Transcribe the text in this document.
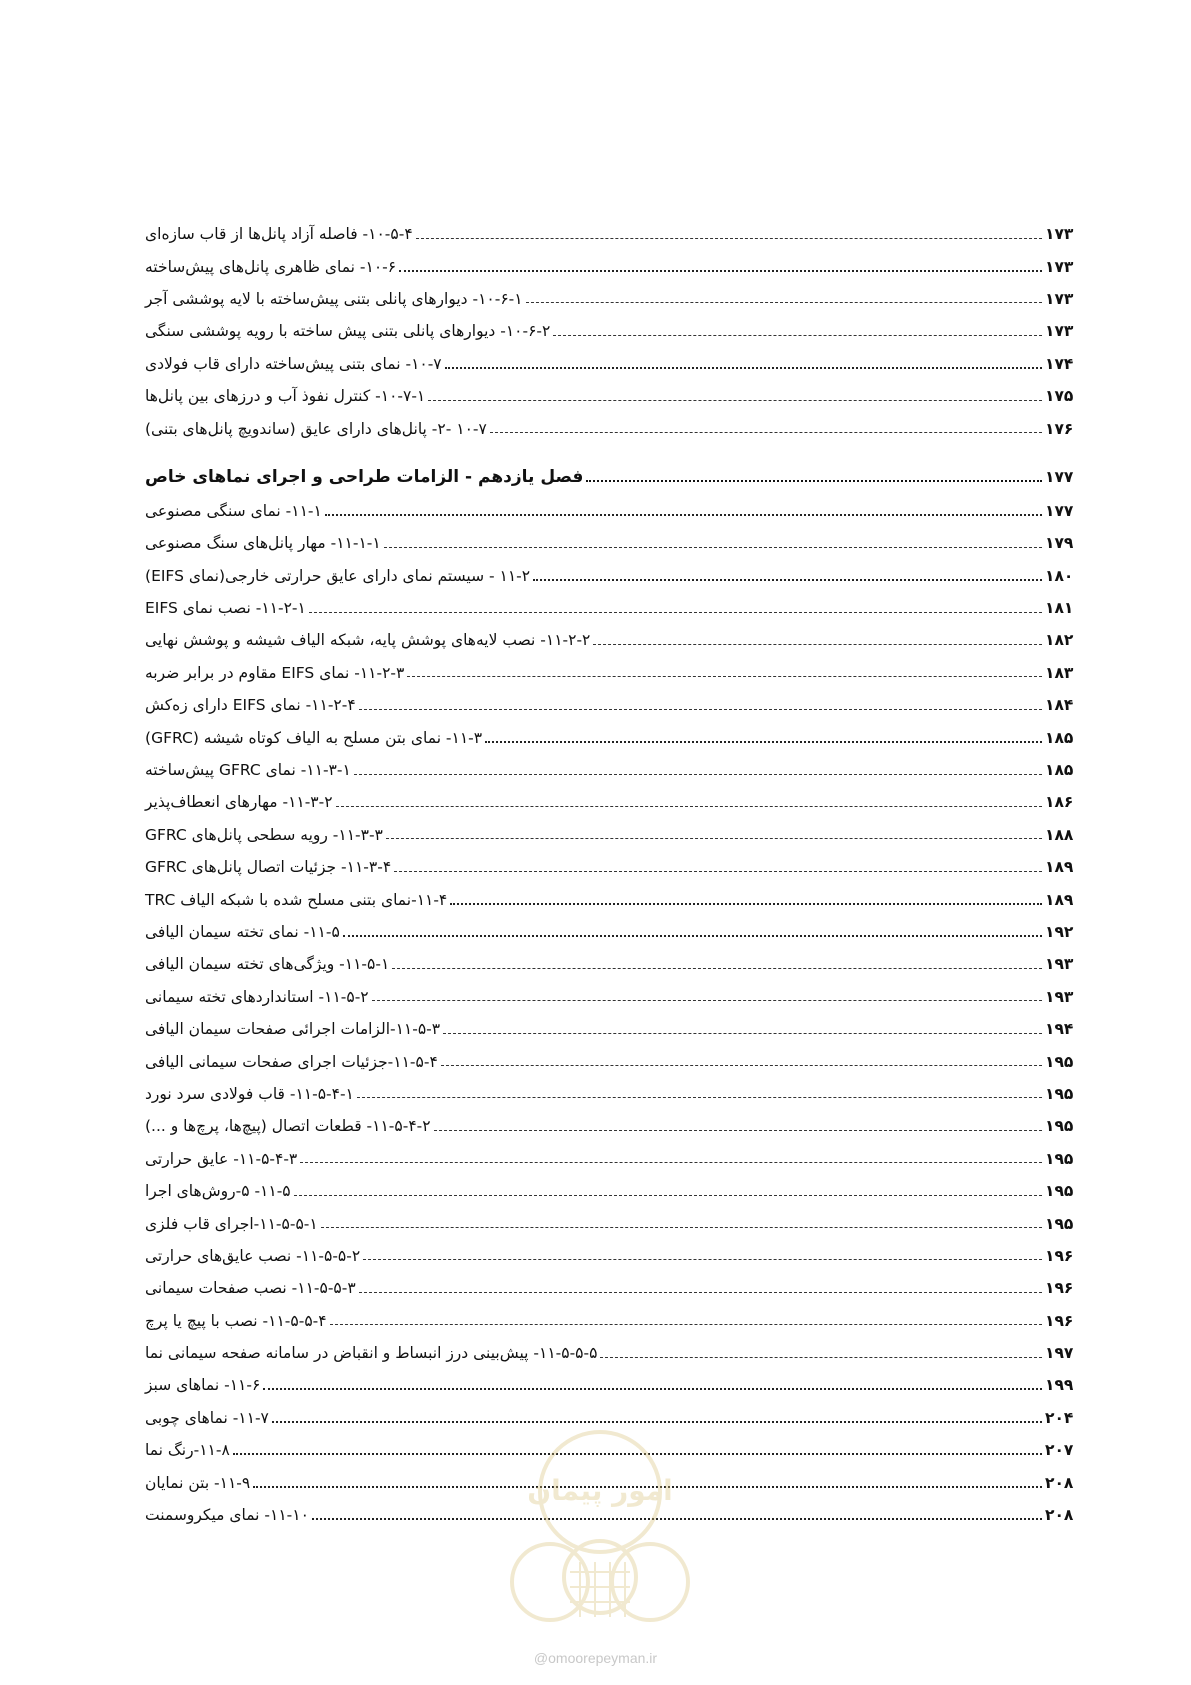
۱۰-۵-۴- فاصله آزاد پانل‌ها از قاب سازه‌ای	۱۷۳
۱۰-۶- نمای ظاهری پانل‌های پیش‌ساخته	۱۷۳
۱۰-۶-۱- دیوارهای پانلی بتنی پیش‌ساخته با لایه پوششی آجر	۱۷۳
۱۰-۶-۲- دیوارهای پانلی بتنی پیش ساخته با رویه پوششی سنگی	۱۷۳
۱۰-۷- نمای بتنی پیش‌ساخته دارای قاب فولادی	۱۷۴
۱۰-۷-۱- کنترل نفوذ آب و درزهای بین پانل‌ها	۱۷۵
۱۰-۷ -۲- پانل‌های دارای عایق (ساندویچ پانل‌های بتنی)	۱۷۶
فصل یازدهم - الزامات طراحی و اجرای نماهای خاص	۱۷۷
۱۱-۱- نمای سنگی مصنوعی	۱۷۷
۱۱-۱-۱- مهار پانل‌های سنگ مصنوعی	۱۷۹
۱۱-۲ - سیستم نمای دارای عایق حرارتی خارجی(نمای EIFS)	۱۸۰
۱۱-۲-۱- نصب نمای EIFS	۱۸۱
۱۱-۲-۲- نصب لایه‌های پوشش پایه، شبکه الیاف شیشه و پوشش نهایی	۱۸۲
۱۱-۲-۳- نمای EIFS مقاوم در برابر ضربه	۱۸۳
۱۱-۲-۴- نمای EIFS دارای زه‌کش	۱۸۴
۱۱-۳- نمای بتن مسلح به الیاف کوتاه شیشه (GFRC)	۱۸۵
۱۱-۳-۱- نمای GFRC پیش‌ساخته	۱۸۵
۱۱-۳-۲- مهارهای انعطاف‌پذیر	۱۸۶
۱۱-۳-۳- رویه سطحی پانل‌های GFRC	۱۸۸
۱۱-۳-۴- جزئیات اتصال پانل‌های GFRC	۱۸۹
۱۱-۴-نمای بتنی مسلح شده با شبکه الیاف TRC	۱۸۹
۱۱-۵- نمای تخته سیمان الیافی	۱۹۲
۱۱-۵-۱- ویژگی‌های تخته سیمان الیافی	۱۹۳
۱۱-۵-۲- استانداردهای تخته سیمانی	۱۹۳
۱۱-۵-۳-الزامات اجرائی صفحات سیمان الیافی	۱۹۴
۱۱-۵-۴-جزئیات اجرای صفحات سیمانی الیافی	۱۹۵
۱۱-۵-۴-۱- قاب فولادی سرد نورد	۱۹۵
۱۱-۵-۴-۲- قطعات اتصال (پیچ‌ها، پرچ‌ها و ...)	۱۹۵
۱۱-۵-۴-۳- عایق حرارتی	۱۹۵
۱۱-۵- ۵-روش‌های اجرا	۱۹۵
۱۱-۵-۵-۱-اجرای قاب فلزی	۱۹۵
۱۱-۵-۵-۲- نصب عایق‌های حرارتی	۱۹۶
۱۱-۵-۵-۳- نصب صفحات سیمانی	۱۹۶
۱۱-۵-۵-۴- نصب با پیچ یا پرچ	۱۹۶
۱۱-۵-۵-۵- پیش‌بینی درز انبساط و انقباض در سامانه صفحه سیمانی نما	۱۹۷
۱۱-۶- نماهای سبز	۱۹۹
۱۱-۷- نماهای چوبی	۲۰۴
۱۱-۸-رنگ نما	۲۰۷
۱۱-۹- بتن نمایان	۲۰۸
۱۱-۱۰- نمای میکروسمنت	۲۰۸
امور پیمان
@omoorepeyman.ir
